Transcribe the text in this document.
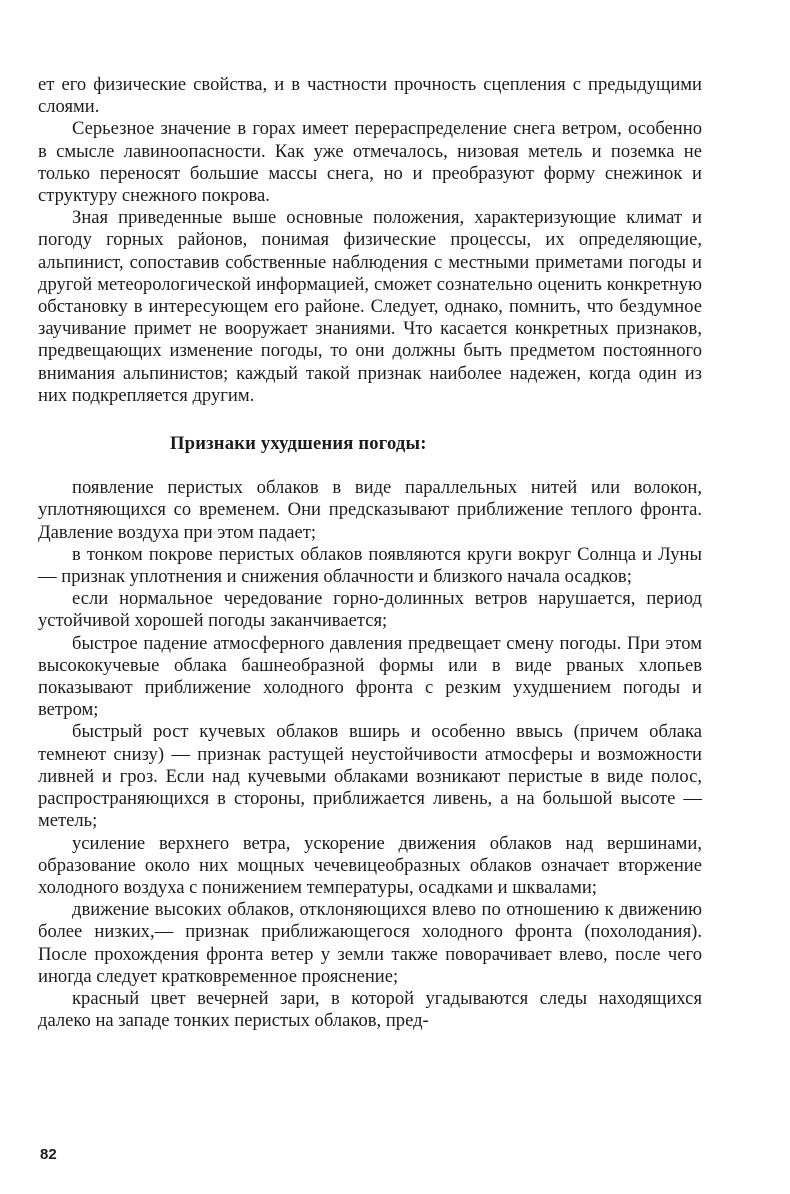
ет его физические свойства, и в частности прочность сцепления с предыдущими слоями.

Серьезное значение в горах имеет перераспределение снега ветром, особенно в смысле лавиноопасности. Как уже отмечалось, низовая метель и поземка не только переносят большие массы снега, но и преобразуют форму снежинок и структуру снежного покрова.

Зная приведенные выше основные положения, характеризующие климат и погоду горных районов, понимая физические процессы, их определяющие, альпинист, сопоставив собственные наблюдения с местными приметами погоды и другой метеорологической информацией, сможет сознательно оценить конкретную обстановку в интересующем его районе. Следует, однако, помнить, что бездумное заучивание примет не вооружает знаниями. Что касается конкретных признаков, предвещающих изменение погоды, то они должны быть предметом постоянного внимания альпинистов; каждый такой признак наиболее надежен, когда один из них подкрепляется другим.

Признаки ухудшения погоды:

появление перистых облаков в виде параллельных нитей или волокон, уплотняющихся со временем. Они предсказывают приближение теплого фронта. Давление воздуха при этом падает;

в тонком покрове перистых облаков появляются круги вокруг Солнца и Луны — признак уплотнения и снижения облачности и близкого начала осадков;

если нормальное чередование горно-долинных ветров нарушается, период устойчивой хорошей погоды заканчивается;

быстрое падение атмосферного давления предвещает смену погоды. При этом высококучевые облака башнеобразной формы или в виде рваных хлопьев показывают приближение холодного фронта с резким ухудшением погоды и ветром;

быстрый рост кучевых облаков вширь и особенно ввысь (причем облака темнеют снизу) — признак растущей неустойчивости атмосферы и возможности ливней и гроз. Если над кучевыми облаками возникают перистые в виде полос, распространяющихся в стороны, приближается ливень, а на большой высоте — метель;

усиление верхнего ветра, ускорение движения облаков над вершинами, образование около них мощных чечевицеобразных облаков означает вторжение холодного воздуха с понижением температуры, осадками и шквалами;

движение высоких облаков, отклоняющихся влево по отношению к движению более низких,— признак приближающегося холодного фронта (похолодания). После прохождения фронта ветер у земли также поворачивает влево, после чего иногда следует кратковременное прояснение;

красный цвет вечерней зари, в которой угадываются следы находящихся далеко на западе тонких перистых облаков, пред-

82
